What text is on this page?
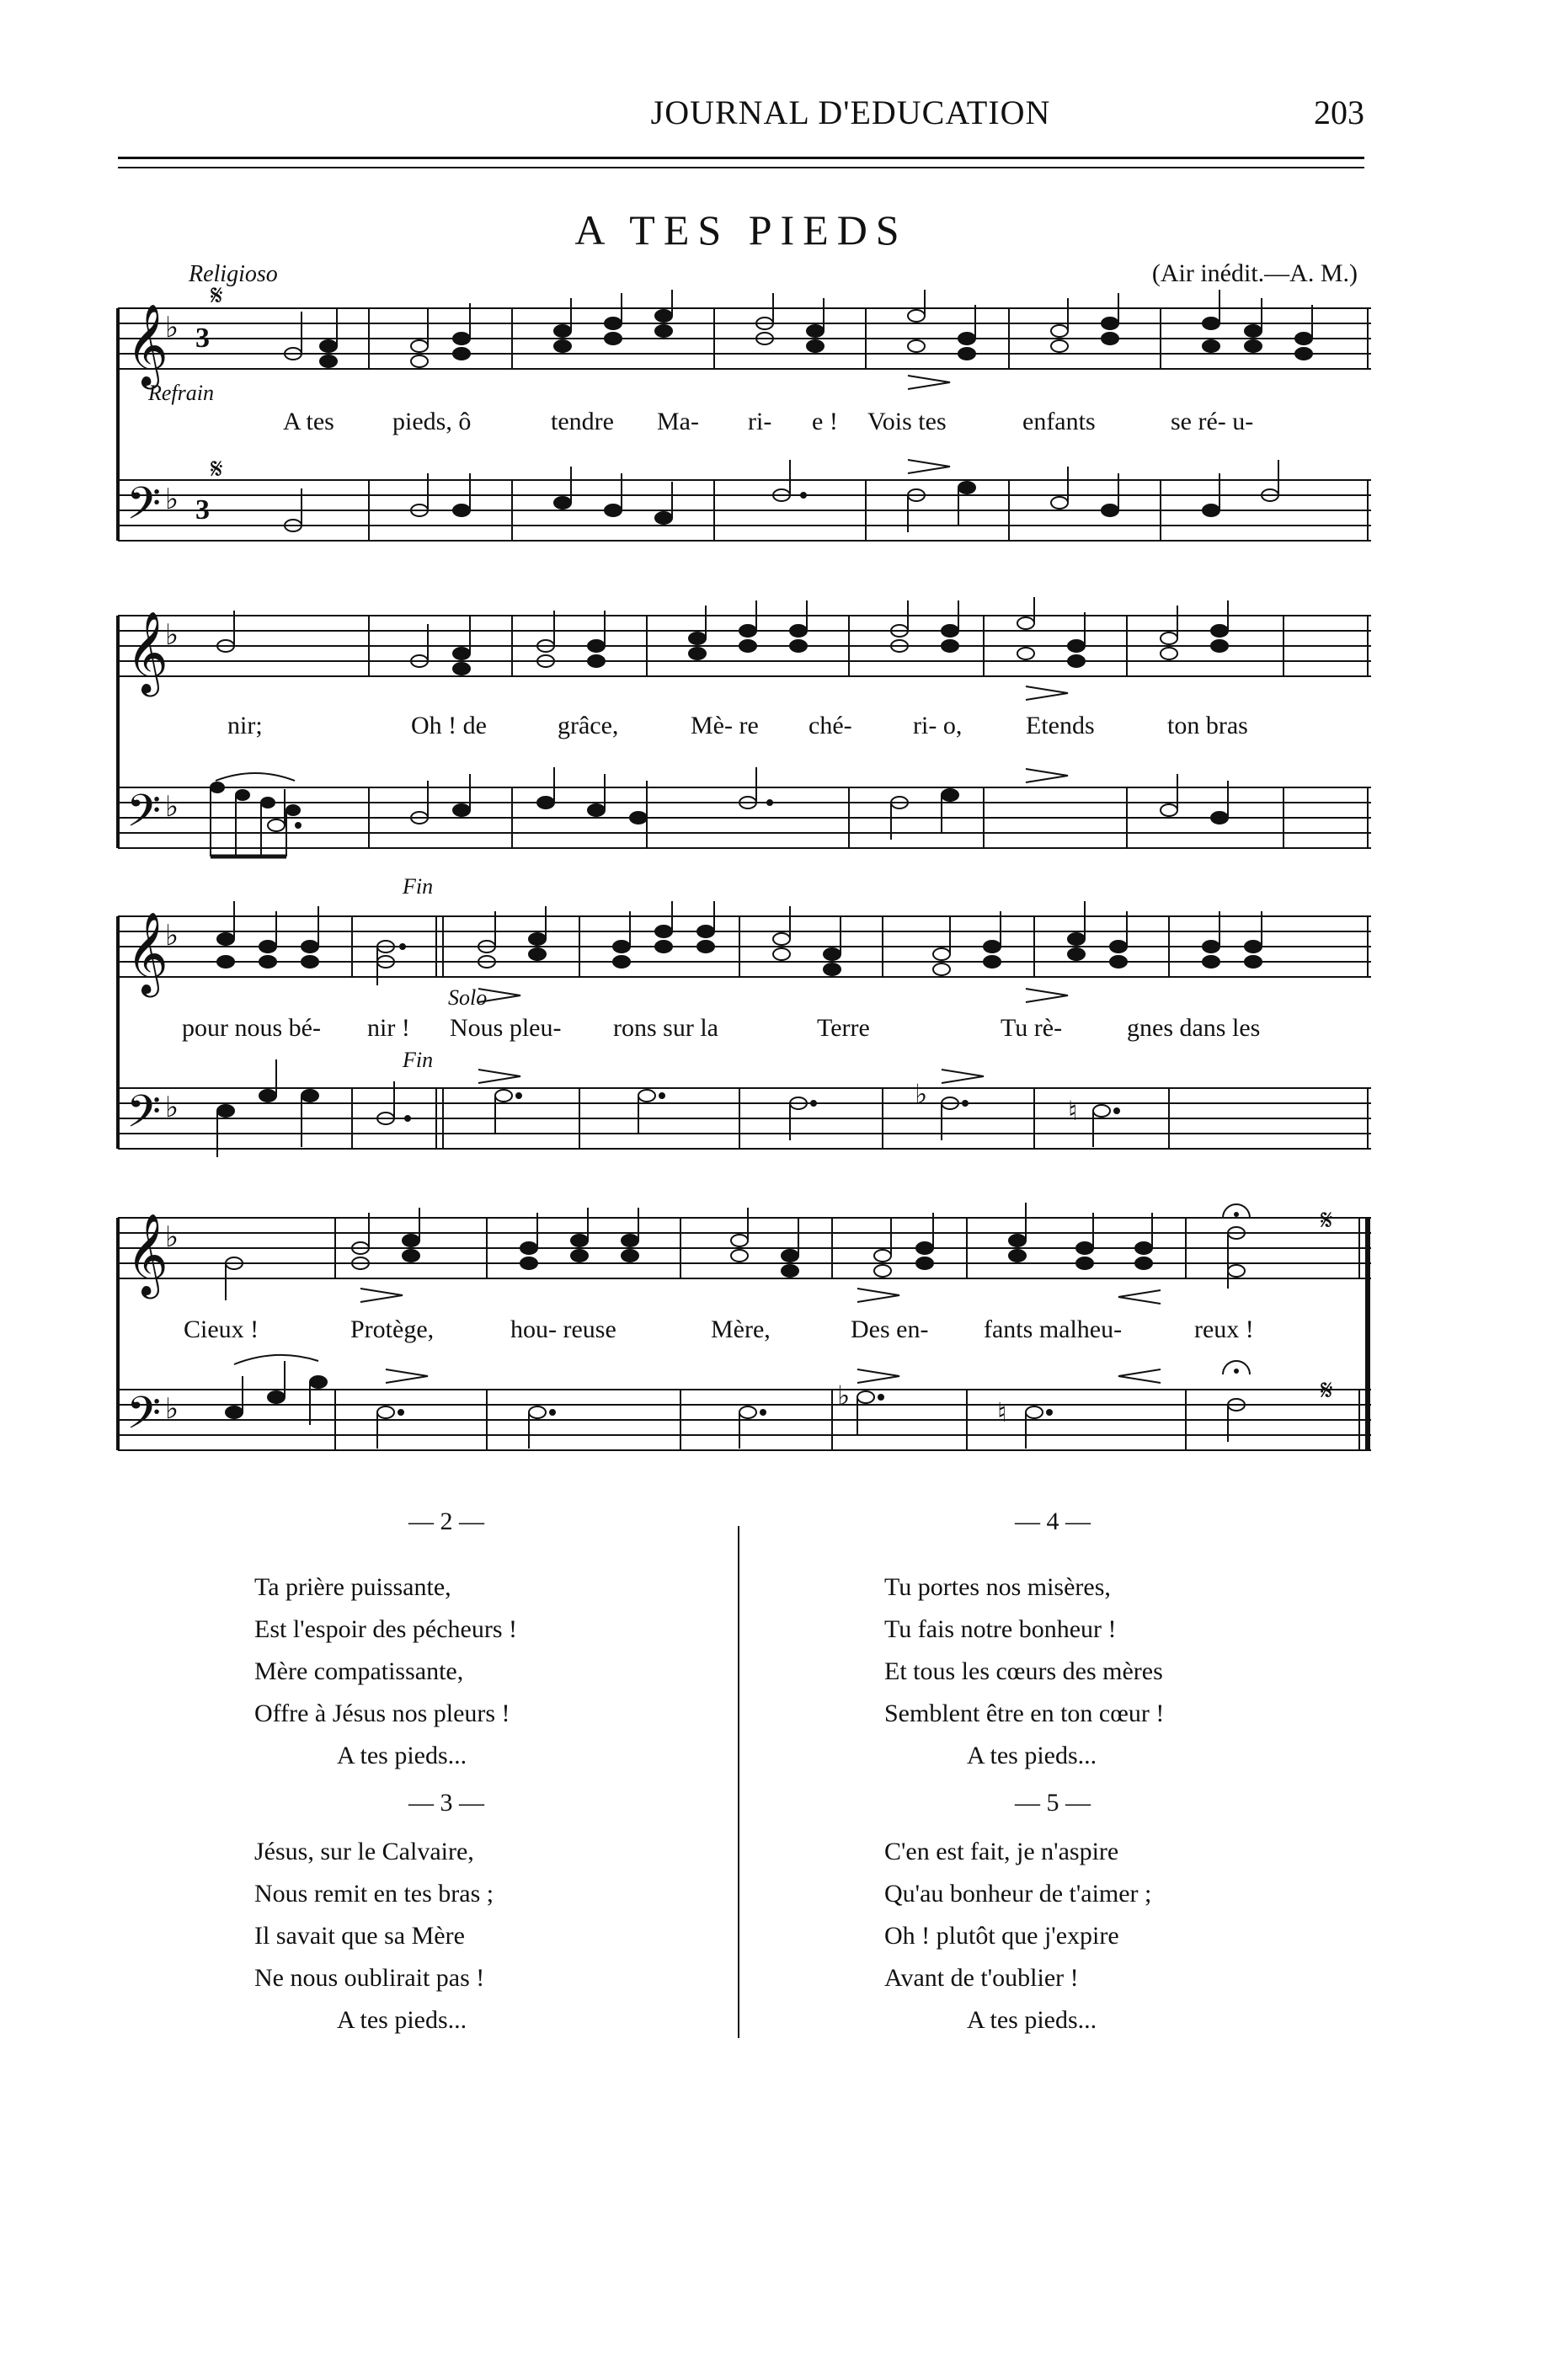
JOURNAL D'EDUCATION	203
A TES PIEDS
Religioso	(Air inédit.—A. M.)
𝄞
𝄢
♭
♭
3
3
𝄋
𝄋
Refrain
A tes pieds, ô	tendre Ma- ri- e ! Vois tes	enfants	se ré- u-
𝄞
𝄢
♭
♭
nir;	Oh ! de	grâce,	Mè- re ché- ri- o,	Etends	ton bras
𝄞
𝄢
♭
♭	♭
♮
Fin
Solo
Fin
pour nous bé- nir ! Nous pleu- rons sur la	Terre	Tu rè-	gnes dans les
𝄞
𝄢
♭
♭	♭
♮
𝄋
𝄋
Cieux !	Protège,	hou- reuse	Mère,	Des en- fants malheu-	reux !
— 2 —
Ta prière puissante,
Est l'espoir des pécheurs !
Mère compatissante,
Offre à Jésus nos pleurs !
A tes pieds...
— 3 —
Jésus, sur le Calvaire,
Nous remit en tes bras ;
Il savait que sa Mère
Ne nous oublirait pas !
A tes pieds...
— 4 —
Tu portes nos misères,
Tu fais notre bonheur !
Et tous les cœurs des mères
Semblent être en ton cœur !
A tes pieds...
— 5 —
C'en est fait, je n'aspire
Qu'au bonheur de t'aimer ;
Oh ! plutôt que j'expire
Avant de t'oublier !
A tes pieds...
